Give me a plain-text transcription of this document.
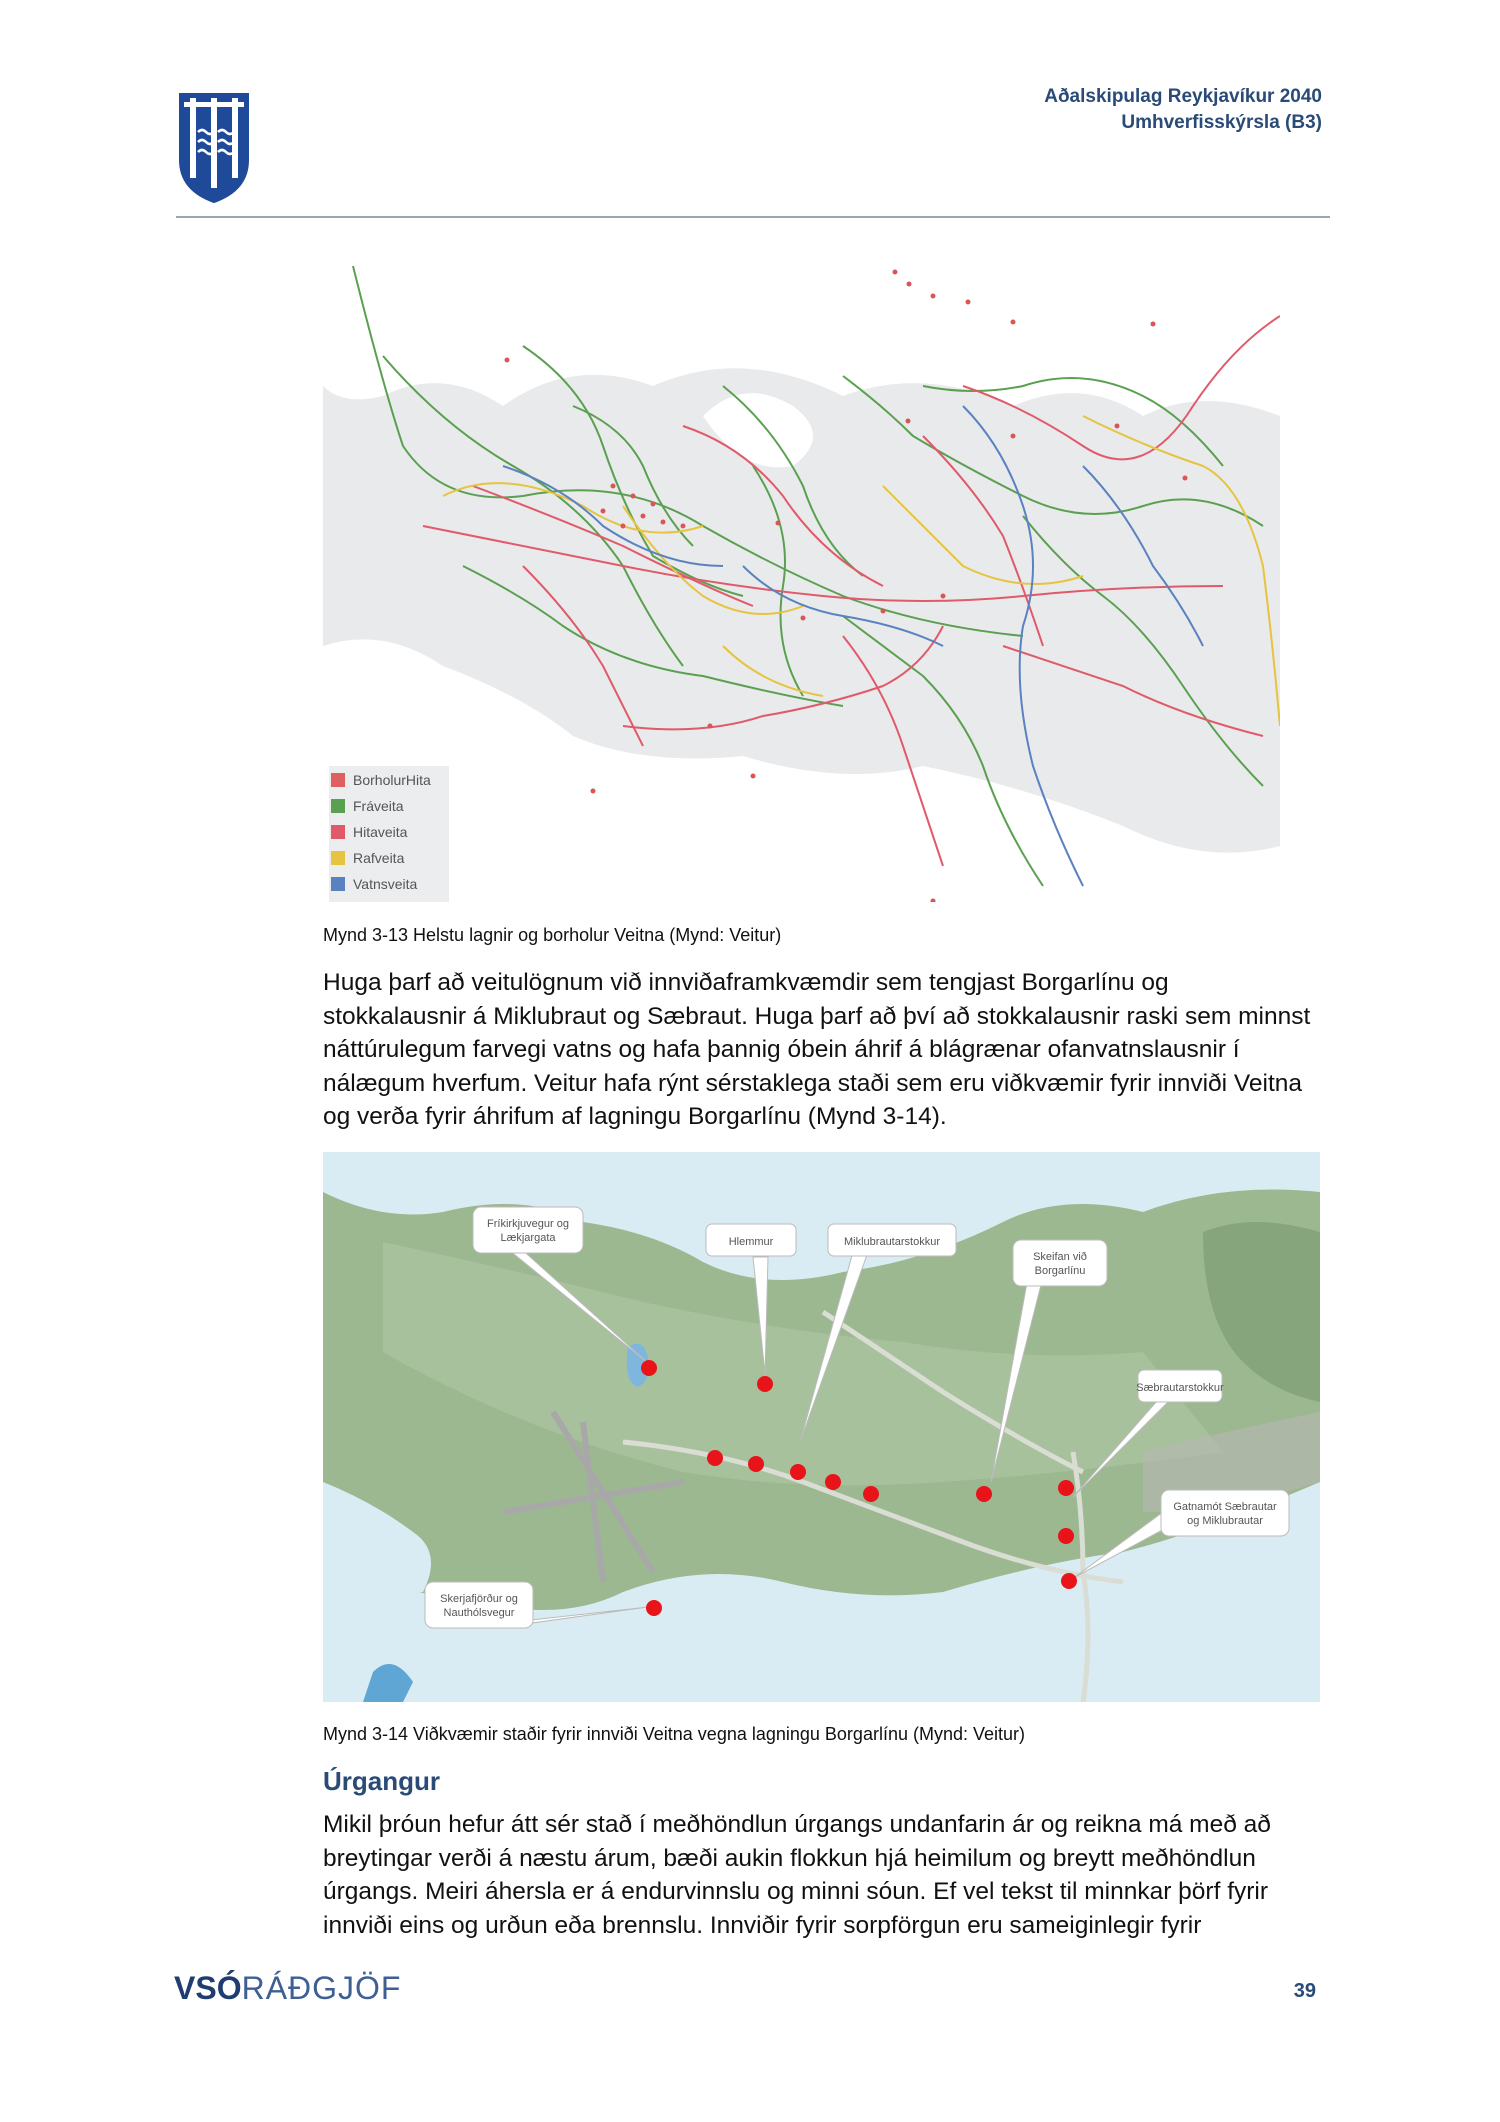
Aðalskipulag Reykjavíkur 2040
Umhverfisskýrsla (B3)
BorholurHita
Fráveita
Hitaveita
Rafveita
Vatnsveita
Mynd 3-13 Helstu lagnir og borholur Veitna (Mynd: Veitur)
Huga þarf að veitulögnum við innviðaframkvæmdir sem tengjast Borgarlínu og stokkalausnir á Miklubraut og Sæbraut. Huga þarf að því að stokkalausnir raski sem minnst náttúrulegum farvegi vatns og hafa þannig óbein áhrif á blágrænar ofanvatnslausnir í nálægum hverfum. Veitur hafa rýnt sérstaklega staði sem eru viðkvæmir fyrir innviði Veitna og verða fyrir áhrifum af lagningu Borgarlínu (Mynd 3-14).
Fríkirkjuvegur og
Lækjargata	Hlemmur	Miklubrautarstokkur
Skeifan við
Borgarlínu
Sæbrautarstokkur
Gatnamót Sæbrautar
og Miklubrautar
Skerjafjörður og
Nauthólsvegur
Mynd 3-14 Viðkvæmir staðir fyrir innviði Veitna vegna lagningu Borgarlínu (Mynd: Veitur)
Úrgangur
Mikil þróun hefur átt sér stað í meðhöndlun úrgangs undanfarin ár og reikna má með að breytingar verði á næstu árum, bæði aukin flokkun hjá heimilum og breytt meðhöndlun úrgangs. Meiri áhersla er á endurvinnslu og minni sóun. Ef vel tekst til minnkar þörf fyrir innviði eins og urðun eða brennslu. Innviðir fyrir sorpförgun eru sameiginlegir fyrir
VSÓRÁÐGJÖF	39
